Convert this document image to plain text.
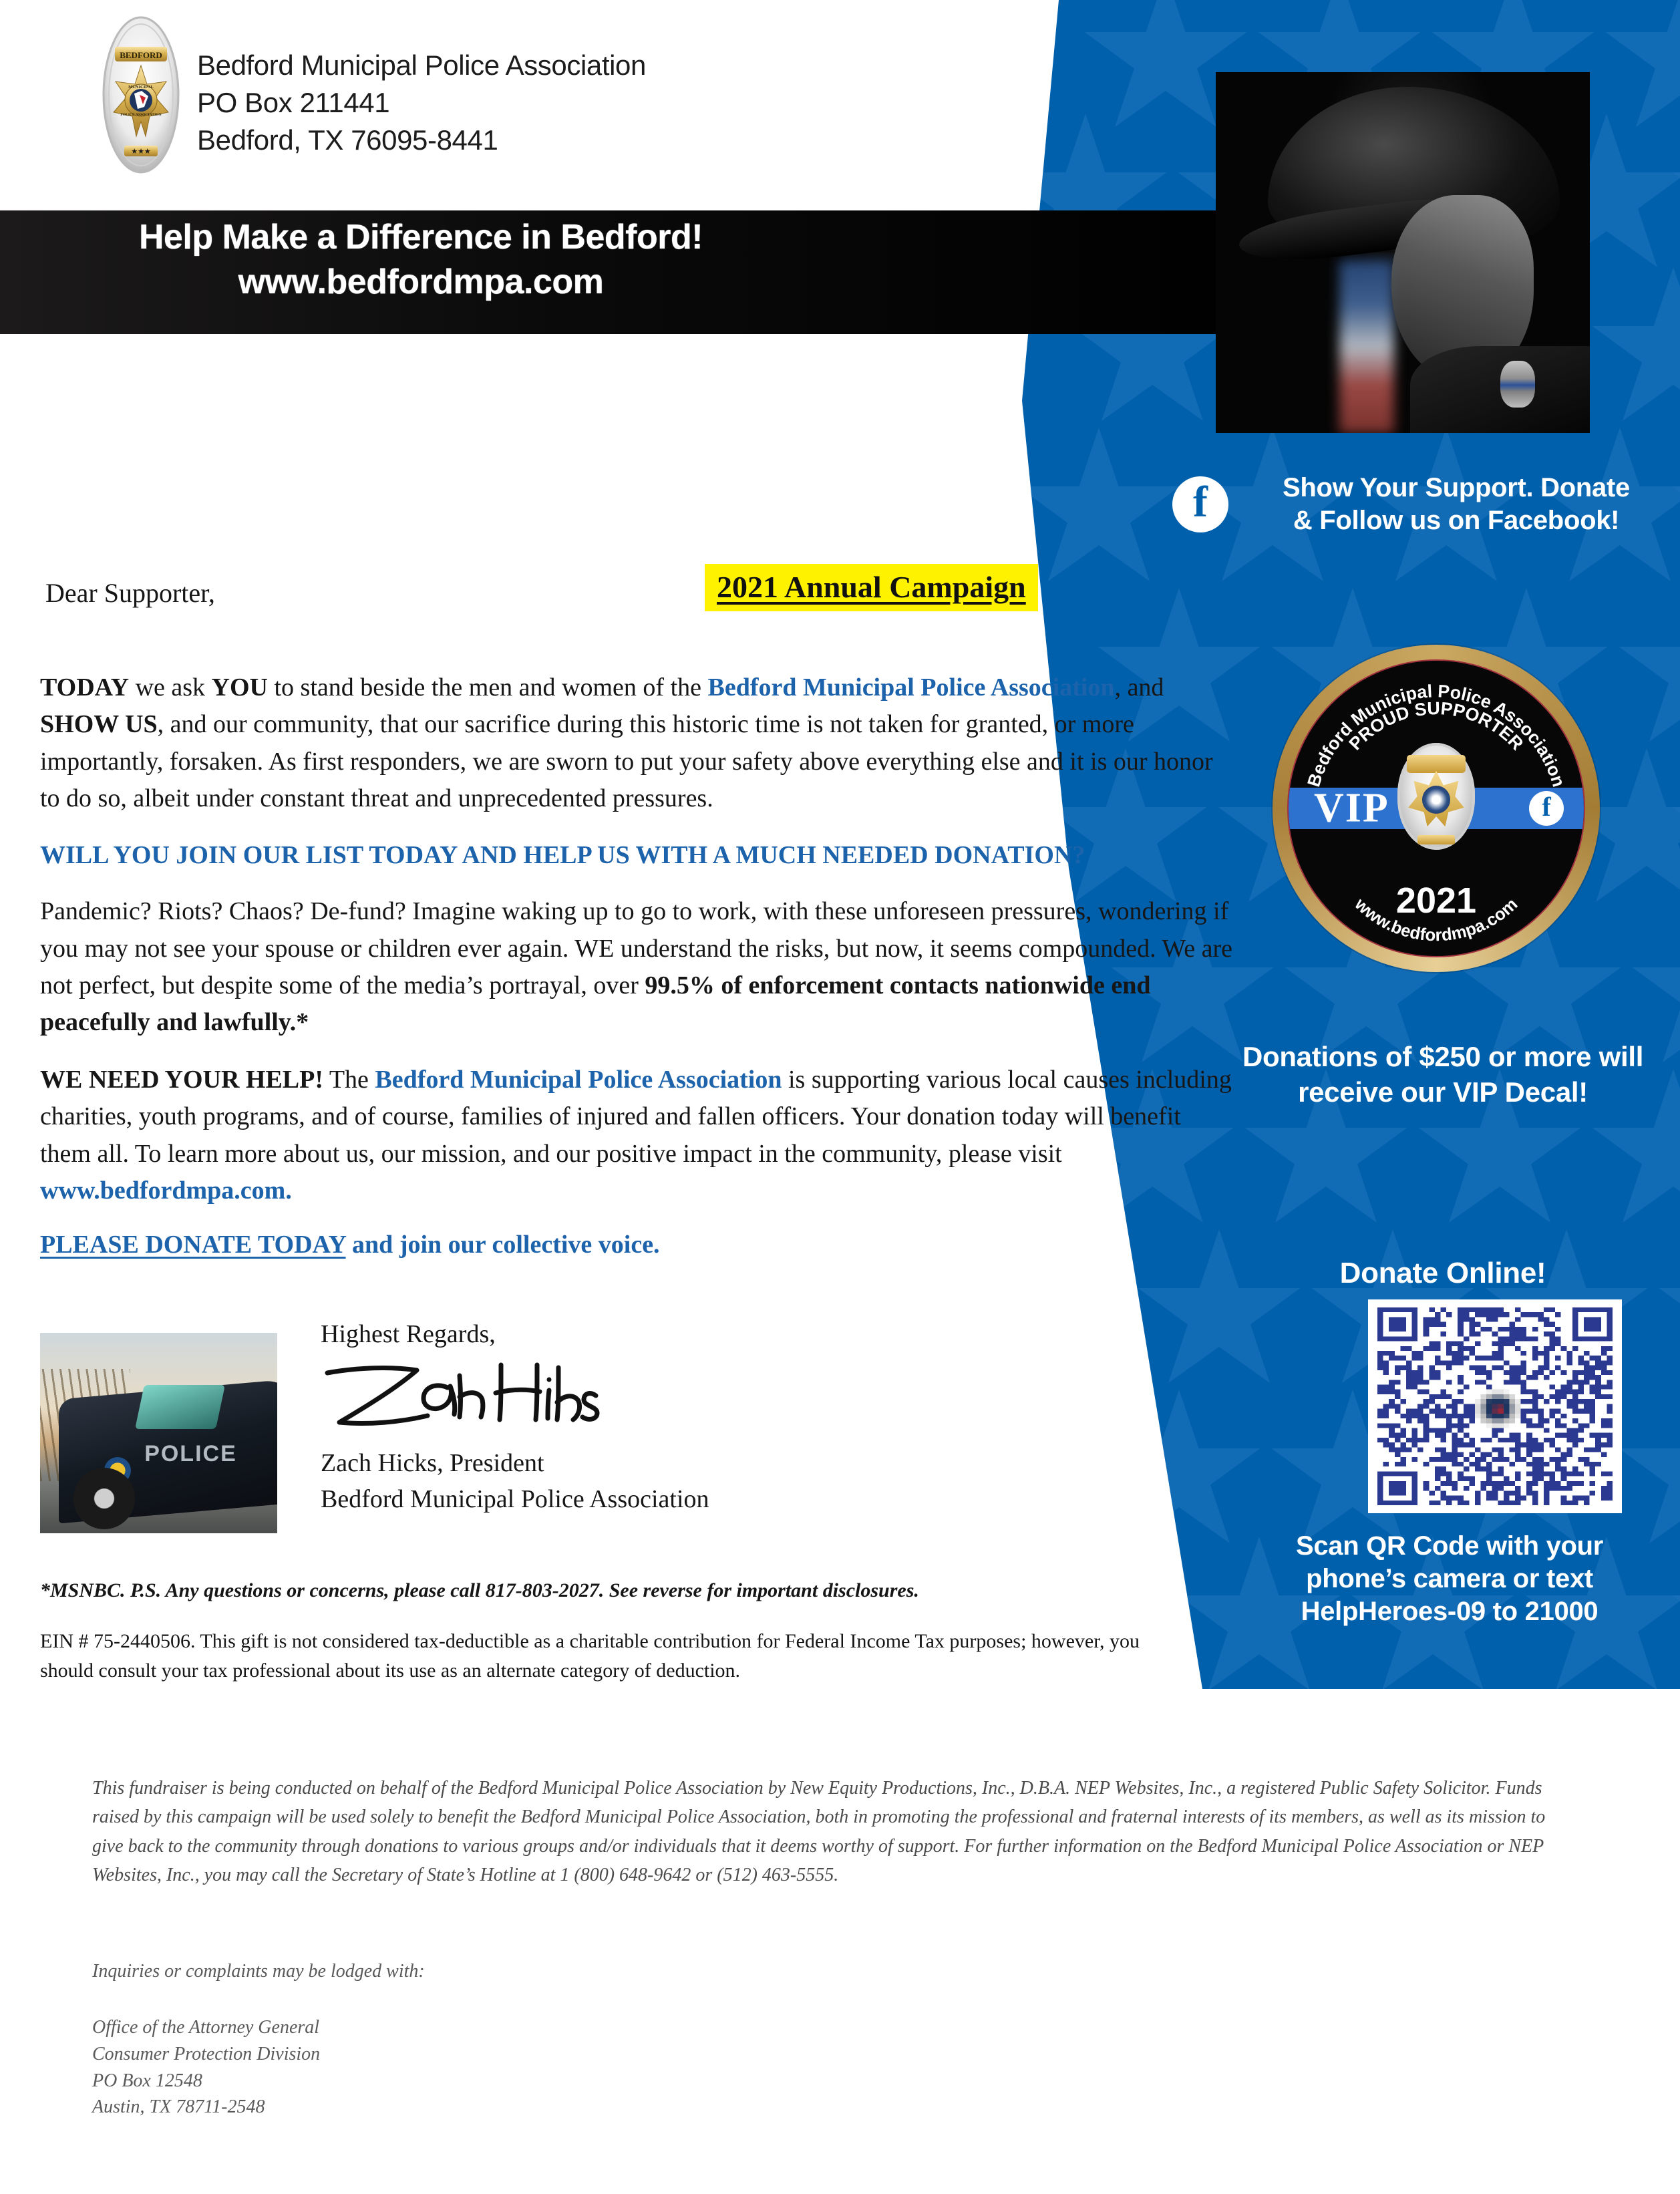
BEDFORD
MUNICIPAL
POLICE ASSOCIATION
★★★
Bedford Municipal Police Association
PO Box 211441
Bedford, TX 76095-8441
Help Make a Difference in Bedford!
www.bedfordmpa.com
f	Show Your Support. Donate
& Follow us on Facebook!
VIP	f
2021
Bedford Municipal Police Association
PROUD SUPPORTER
www.bedfordmpa.com
Donations of $250 or more will receive our VIP Decal!
Donate Online!
Scan QR Code with your phone’s camera or text HelpHeroes-09 to 21000

Dear Supporter,	2021 Annual Campaign

TODAY we ask YOU to stand beside the men and women of the Bedford Municipal Police Association, and SHOW US, and our community, that our sacrifice during this historic time is not taken for granted, or more importantly, forsaken. As first responders, we are sworn to put your safety above everything else and it is our honor to do so, albeit under constant threat and unprecedented pressures.

WILL YOU JOIN OUR LIST TODAY AND HELP US WITH A MUCH NEEDED DONATION?

Pandemic? Riots? Chaos? De-fund? Imagine waking up to go to work, with these unforeseen pressures, wondering if you may not see your spouse or children ever again. WE understand the risks, but now, it seems compounded. We are not perfect, but despite some of the media’s portrayal, over 99.5% of enforcement contacts nationwide end peacefully and lawfully.*

WE NEED YOUR HELP! The Bedford Municipal Police Association is supporting various local causes including charities, youth programs, and of course, families of injured and fallen officers. Your donation today will benefit them all. To learn more about us, our mission, and our positive impact in the community, please visit www.bedfordmpa.com.

PLEASE DONATE TODAY and join our collective voice.
POLICE

Highest Regards,

Zach Hicks, President

Bedford Municipal Police Association

*MSNBC. P.S. Any questions or concerns, please call 817-803-2027. See reverse for important disclosures.
EIN # 75-2440506. This gift is not considered tax-deductible as a charitable contribution for Federal Income Tax purposes; however, you should consult your tax professional about its use as an alternate category of deduction.
This fundraiser is being conducted on behalf of the Bedford Municipal Police Association by New Equity Productions, Inc., D.B.A. NEP Websites, Inc., a registered Public Safety Solicitor. Funds raised by this campaign will be used solely to benefit the Bedford Municipal Police Association, both in promoting the professional and fraternal interests of its members, as well as its mission to give back to the community through donations to various groups and/or individuals that it deems worthy of support. For further information on the Bedford Municipal Police Association or NEP Websites, Inc., you may call the Secretary of State’s Hotline at 1 (800) 648-9642 or (512) 463-5555.
Inquiries or complaints may be lodged with:
Office of the Attorney General
Consumer Protection Division
PO Box 12548
Austin, TX 78711-2548
